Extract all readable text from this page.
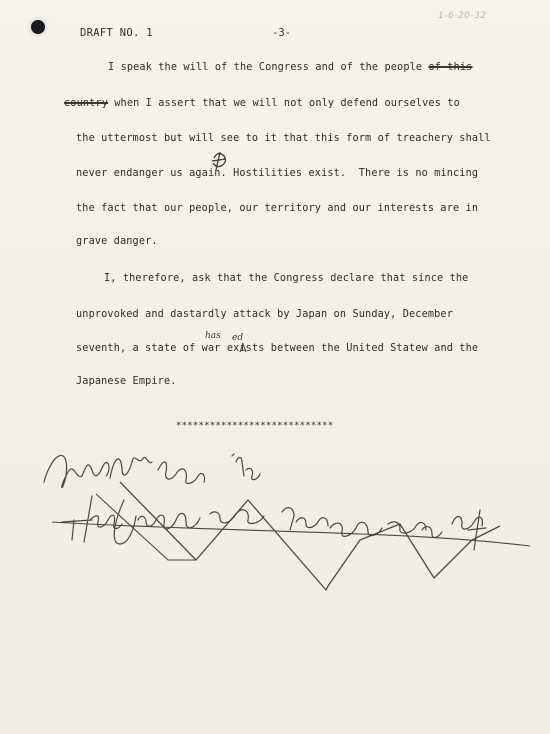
DRAFT NO. 1	-3-
1-6-20-32
I speak the will of the Congress and of the people of this
country when I assert that we will not only defend ourselves to
the uttermost but will see to it that this form of treachery shall
never endanger us again. Hostilities exist.  There is no mincing
the fact that our people, our territory and our interests are in
grave danger.
I, therefore, ask that the Congress declare that since the
unprovoked and dastardly attack by Japan on Sunday, December
seventh, a state of war exists between the United Statew and the
Japanese Empire.
has ed
****************************
